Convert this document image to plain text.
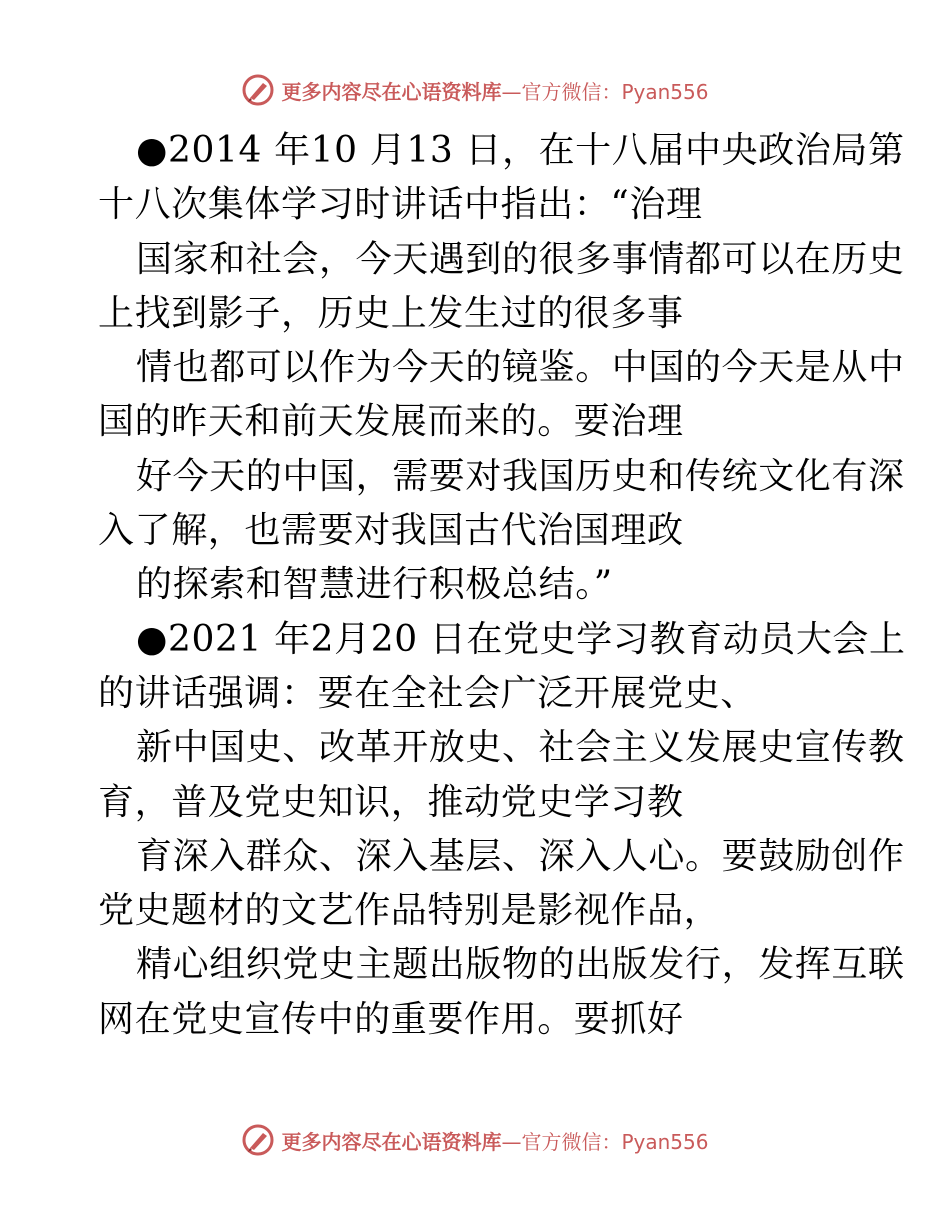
更多内容尽在心语资料库 —官方微信：Pyan556
●2014 年10 月13 日，在十八届中央政治局第
十八次集体学习时讲话中指出：“治理
国家和社会，今天遇到的很多事情都可以在历史
上找到影子，历史上发生过的很多事
情也都可以作为今天的镜鉴。中国的今天是从中
国的昨天和前天发展而来的。要治理
好今天的中国，需要对我国历史和传统文化有深
入了解，也需要对我国古代治国理政
的探索和智慧进行积极总结。”
●2021 年2月20 日在党史学习教育动员大会上
的讲话强调：要在全社会广泛开展党史、
新中国史、改革开放史、社会主义发展史宣传教
育，普及党史知识，推动党史学习教
育深入群众、深入基层、深入人心。要鼓励创作
党史题材的文艺作品特别是影视作品，
精心组织党史主题出版物的出版发行，发挥互联
网在党史宣传中的重要作用。要抓好
更多内容尽在心语资料库 —官方微信：Pyan556
